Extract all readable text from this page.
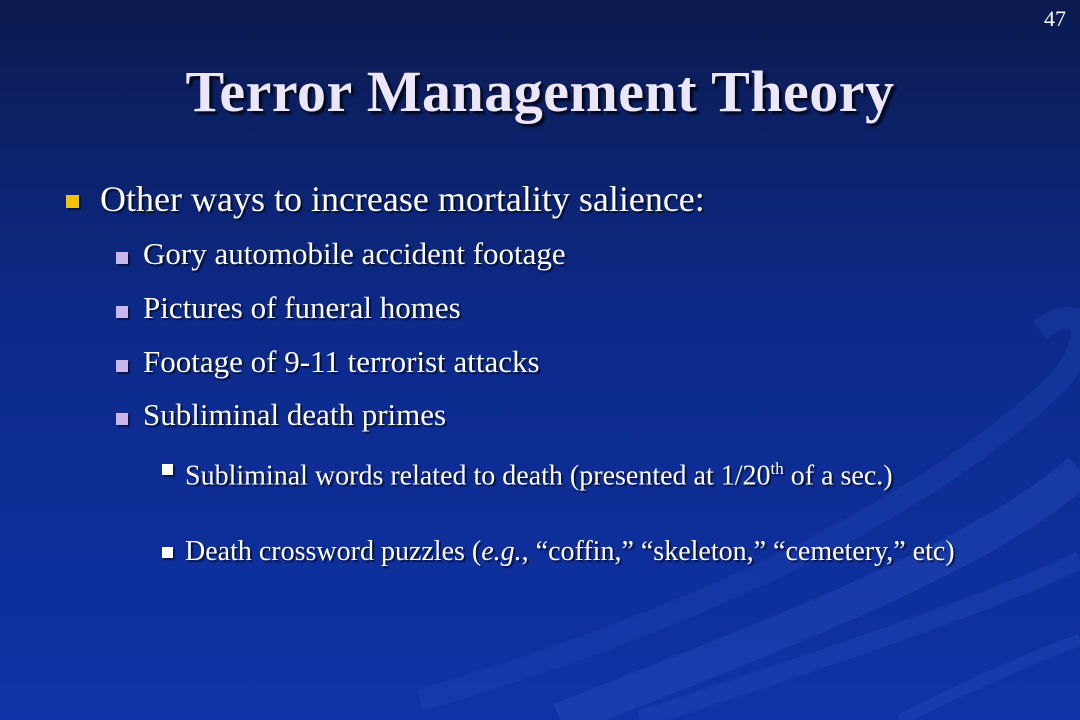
47
Terror Management Theory
Other ways to increase mortality salience:
Gory automobile accident footage
Pictures of funeral homes
Footage of 9-11 terrorist attacks
Subliminal death primes
Subliminal words related to death (presented at 1/20th of a sec.)
Death crossword puzzles (e.g., “coffin,” “skeleton,” “cemetery,” etc)
